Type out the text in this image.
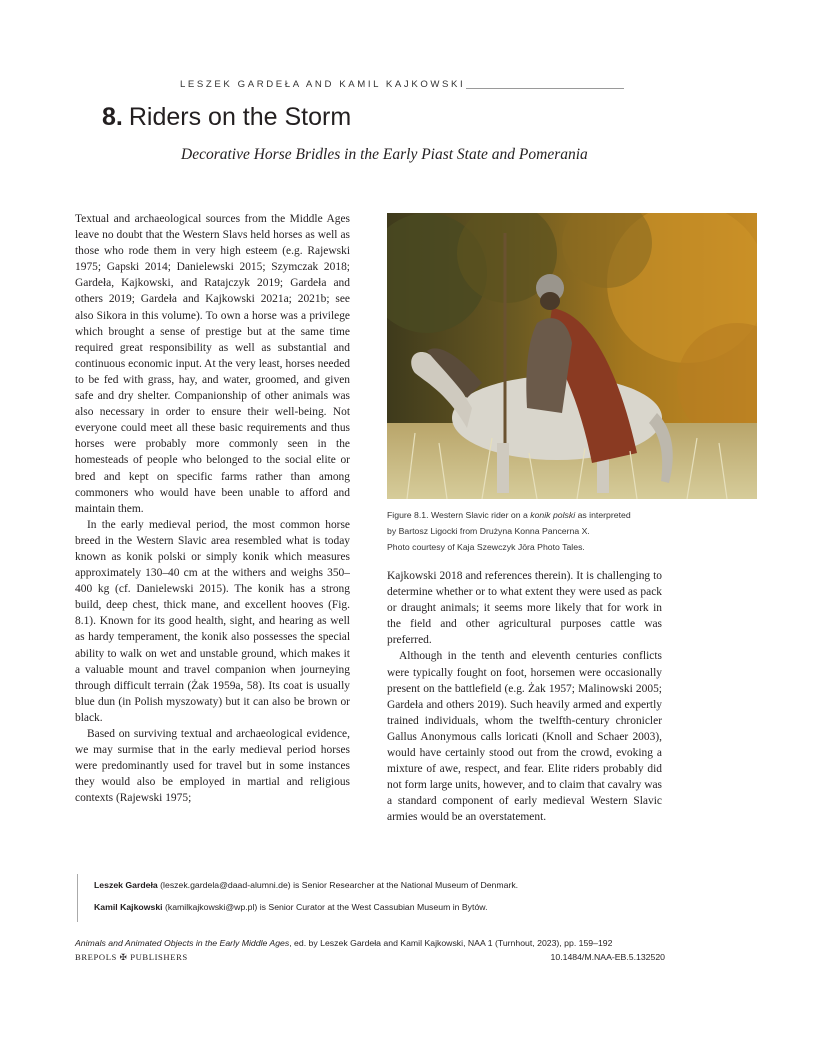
LESZEK GARDEŁA AND KAMIL KAJKOWSKI
8. Riders on the Storm
Decorative Horse Bridles in the Early Piast State and Pomerania

Textual and archaeological sources from the Middle Ages leave no doubt that the Western Slavs held horses as well as those who rode them in very high esteem (e.g. Rajewski 1975; Gapski 2014; Danielewski 2015; Szymczak 2018; Gardeła, Kajkowski, and Ratajczyk 2019; Gardeła and others 2019; Gardeła and Kajkowski 2021a; 2021b; see also Sikora in this volume). To own a horse was a privilege which brought a sense of prestige but at the same time required great responsibility as well as substantial and continuous economic input. At the very least, horses needed to be fed with grass, hay, and water, groomed, and given safe and dry shelter. Companionship of other animals was also necessary in order to ensure their well-being. Not everyone could meet all these basic requirements and thus horses were probably more commonly seen in the homesteads of people who belonged to the social elite or bred and kept on specific farms rather than among commoners who would have been unable to afford and maintain them.

In the early medieval period, the most common horse breed in the Western Slavic area resembled what is today known as konik polski or simply konik which measures approximately 130–40 cm at the withers and weighs 350–400 kg (cf. Danielewski 2015). The konik has a strong build, deep chest, thick mane, and excellent hooves (Fig. 8.1). Known for its good health, sight, and hearing as well as hardy temperament, the konik also possesses the special ability to walk on wet and unstable ground, which makes it a valuable mount and travel companion when journeying through difficult terrain (Żak 1959a, 58). Its coat is usually blue dun (in Polish myszowaty) but it can also be brown or black.

Based on surviving textual and archaeological evidence, we may surmise that in the early medieval period horses were predominantly used for travel but in some instances they would also be employed in martial and religious contexts (Rajewski 1975;

Figure 8.1. Western Slavic rider on a konik polski as interpreted
by Bartosz Ligocki from Drużyna Konna Pancerna X.
Photo courtesy of Kaja Szewczyk Jōra Photo Tales.

Kajkowski 2018 and references therein). It is challenging to determine whether or to what extent they were used as pack or draught animals; it seems more likely that for work in the field and other agricultural purposes cattle was preferred.

Although in the tenth and eleventh centuries conflicts were typically fought on foot, horsemen were occasionally present on the battlefield (e.g. Żak 1957; Malinowski 2005; Gardeła and others 2019). Such heavily armed and expertly trained individuals, whom the twelfth-century chronicler Gallus Anonymous calls loricati (Knoll and Schaer 2003), would have certainly stood out from the crowd, evoking a mixture of awe, respect, and fear. Elite riders probably did not form large units, however, and to claim that cavalry was a standard component of early medieval Western Slavic armies would be an overstatement.

Leszek Gardeła (leszek.gardela@daad-alumni.de) is Senior Researcher at the National Museum of Denmark.
Kamil Kajkowski (kamilkajkowski@wp.pl) is Senior Curator at the West Cassubian Museum in Bytów.
Animals and Animated Objects in the Early Middle Ages, ed. by Leszek Gardeła and Kamil Kajkowski, NAA 1 (Turnhout, 2023), pp. 159–192
BREPOLS ✠ PUBLISHERS	10.1484/M.NAA-EB.5.132520
